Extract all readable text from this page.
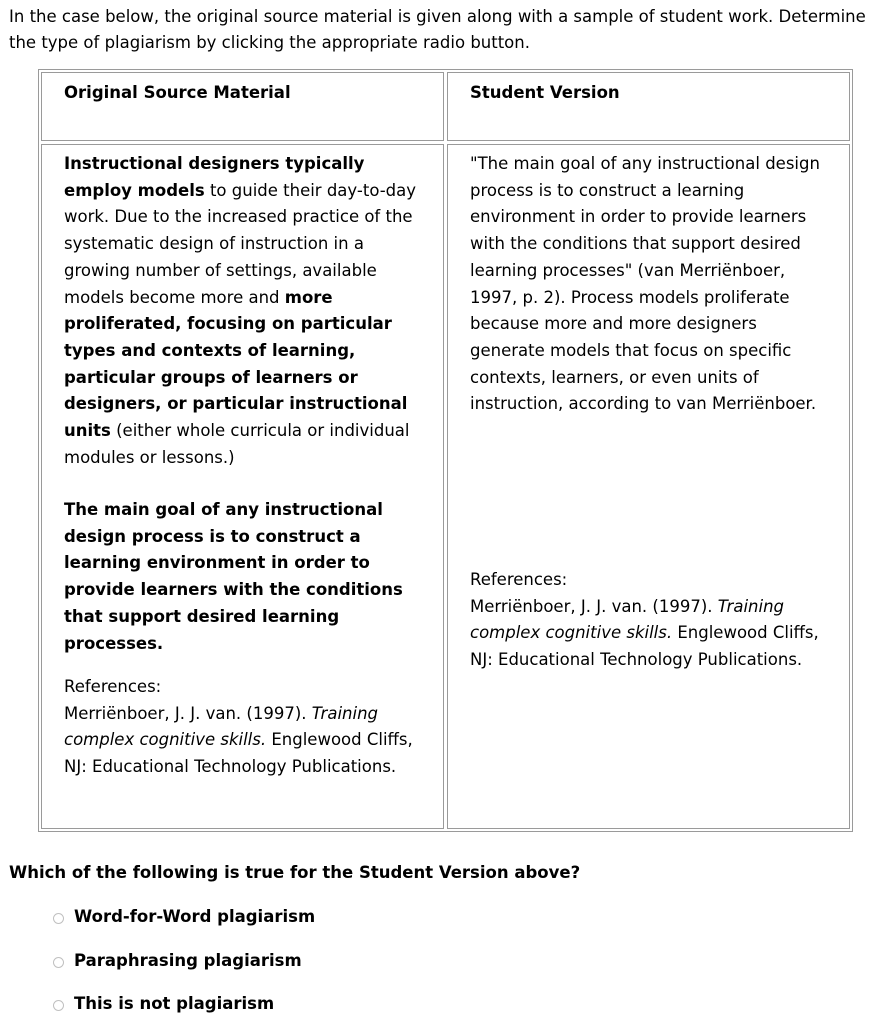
In the case below, the original source material is given along with a sample of student work. Determine the type of plagiarism by clicking the appropriate radio button.
Original Source Material	Student Version
Instructional designers typically employ models to guide their day-to-day work. Due to the increased practice of the systematic design of instruction in a growing number of settings, available models become more and more proliferated, focusing on particular types and contexts of learning, particular groups of learners or designers, or particular instructional units (either whole curricula or individual modules or lessons.)
The main goal of any instructional design process is to construct a learning environment in order to provide learners with the conditions that support desired learning processes.
References:
Merriënboer, J. J. van. (1997). Training complex cognitive skills. Englewood Cliffs, NJ: Educational Technology Publications.
"The main goal of any instructional design process is to construct a learning environment in order to provide learners with the conditions that support desired learning processes" (van Merriënboer, 1997, p. 2). Process models proliferate because more and more designers generate models that focus on specific contexts, learners, or even units of instruction, according to van Merriënboer.
References:
Merriënboer, J. J. van. (1997). Training complex cognitive skills. Englewood Cliffs, NJ: Educational Technology Publications.
Which of the following is true for the Student Version above?
Word-for-Word plagiarism
Paraphrasing plagiarism
This is not plagiarism
